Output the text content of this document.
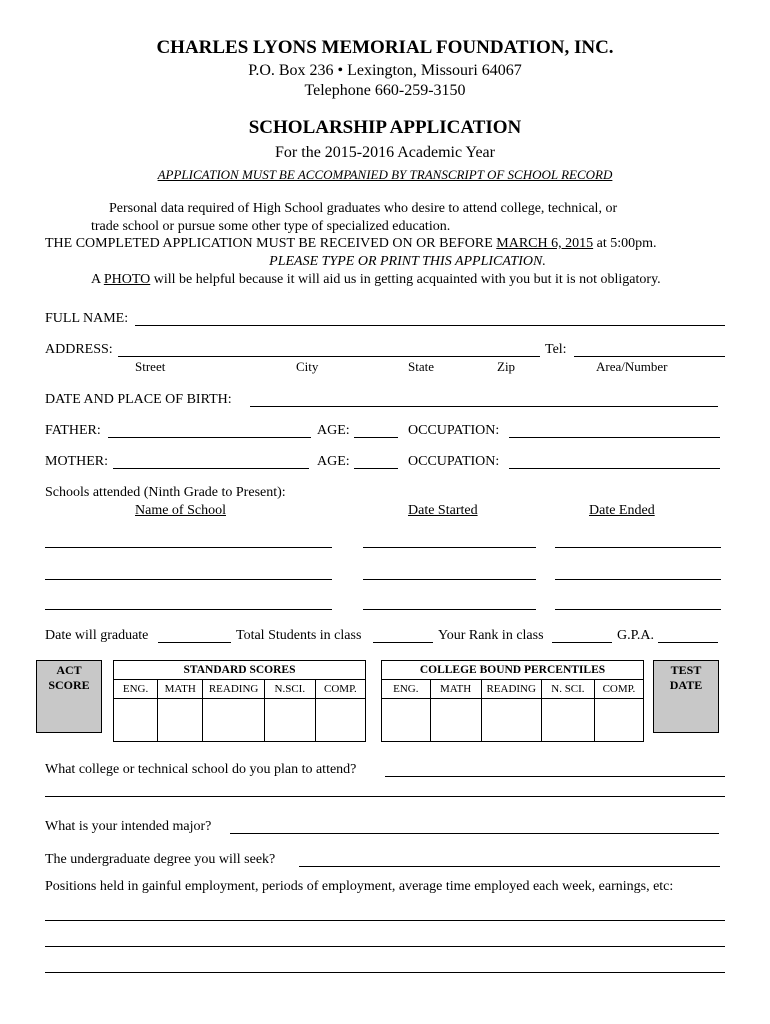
CHARLES LYONS MEMORIAL FOUNDATION, INC.
P.O. Box 236 • Lexington, Missouri 64067
Telephone 660-259-3150
SCHOLARSHIP APPLICATION
For the 2015-2016 Academic Year
APPLICATION MUST BE ACCOMPANIED BY TRANSCRIPT OF SCHOOL RECORD
Personal data required of High School graduates who desire to attend college, technical, or
trade school or pursue some other type of specialized education.
THE COMPLETED APPLICATION MUST BE RECEIVED ON OR BEFORE MARCH 6, 2015 at 5:00pm.
PLEASE TYPE OR PRINT THIS APPLICATION.
A PHOTO will be helpful because it will aid us in getting acquainted with you but it is not obligatory.
FULL NAME:
ADDRESS:	Tel:
Street	City	State	Zip	Area/Number
DATE AND PLACE OF BIRTH:
FATHER:	AGE:	OCCUPATION:
MOTHER:	AGE:	OCCUPATION:
Schools attended (Ninth Grade to Present):
Name of School	Date Started	Date Ended
Date will graduate	Total Students in class	Your Rank in class	G.P.A.
ACT
SCORE
STANDARD SCORES				
ENG.	MATH	READING	N.SCI.	COMP.

COLLEGE BOUND PERCENTILES				
ENG.	MATH	READING	N. SCI.	COMP.

TEST
DATE
What college or technical school do you plan to attend?
What is your intended major?
The undergraduate degree you will seek?
Positions held in gainful employment, periods of employment, average time employed each week, earnings, etc:
